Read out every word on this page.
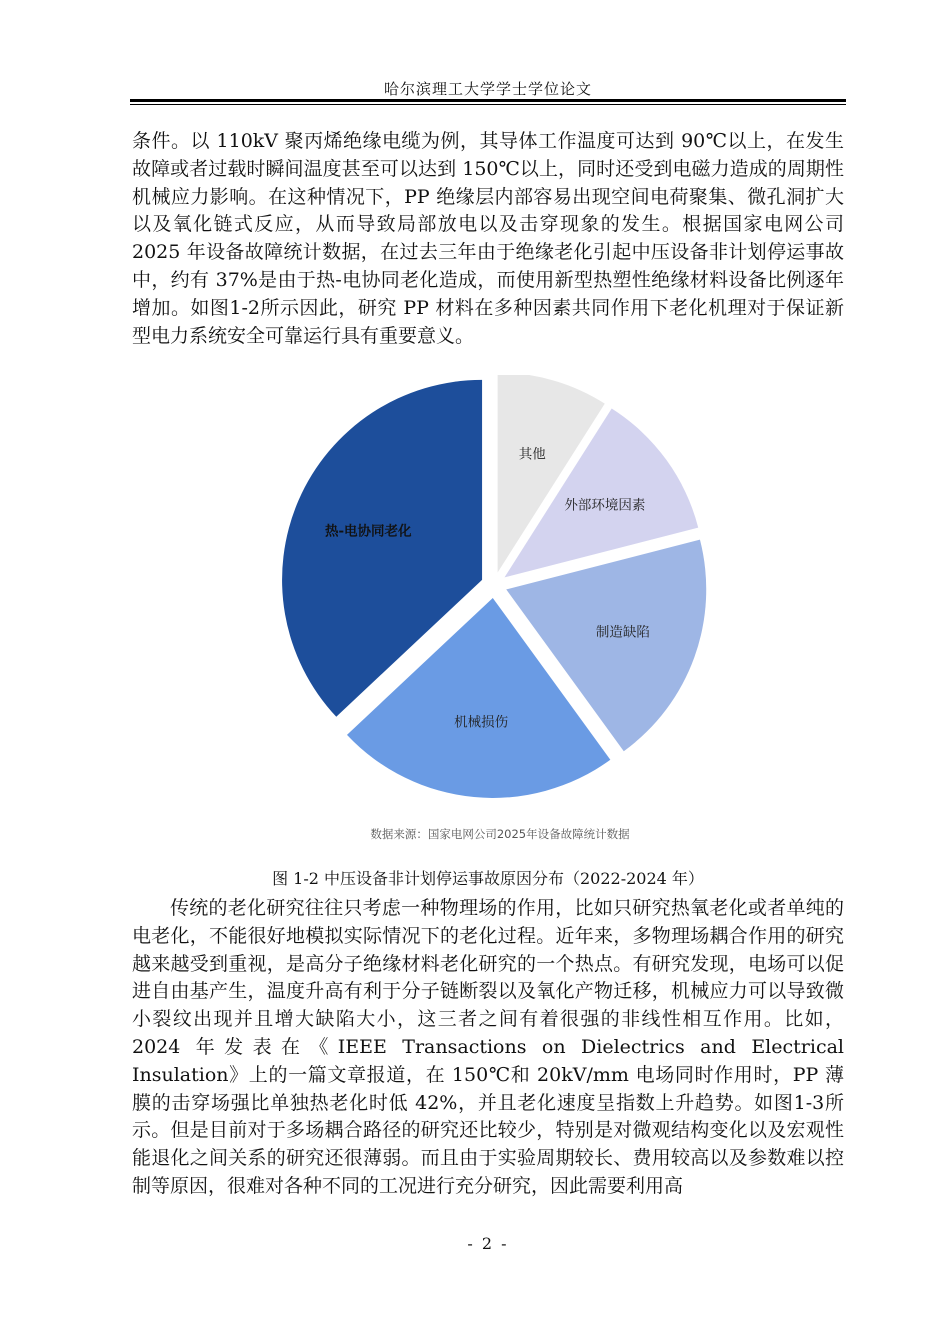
哈尔滨理工大学学士学位论文

条件。以 110kV 聚丙烯绝缘电缆为例，其导体工作温度可达到 90℃以上，在发生故障或者过载时瞬间温度甚至可以达到 150℃以上，同时还受到电磁力造成的周期性机械应力影响。在这种情况下，PP 绝缘层内部容易出现空间电荷聚集、微孔洞扩大以及氧化链式反应，从而导致局部放电以及击穿现象的发生。根据国家电网公司 2025 年设备故障统计数据，在过去三年由于绝缘老化引起中压设备非计划停运事故中，约有 37%是由于热-电协同老化造成，而使用新型热塑性绝缘材料设备比例逐年增加。如图1-2所示因此，研究 PP 材料在多种因素共同作用下老化机理对于保证新型电力系统安全可靠运行具有重要意义。

其他
外部环境因素
制造缺陷
机械损伤
热-电协同老化
数据来源：国家电网公司2025年设备故障统计数据
图 1-2 中压设备非计划停运事故原因分布（2022-2024 年）

传统的老化研究往往只考虑一种物理场的作用，比如只研究热氧老化或者单纯的电老化，不能很好地模拟实际情况下的老化过程。近年来，多物理场耦合作用的研究越来越受到重视，是高分子绝缘材料老化研究的一个热点。有研究发现，电场可以促进自由基产生，温度升高有利于分子链断裂以及氧化产物迁移，机械应力可以导致微小裂纹出现并且增大缺陷大小，这三者之间有着很强的非线性相互作用。比如，2024 年发表在《IEEE Transactions on Dielectrics and Electrical Insulation》上的一篇文章报道，在 150℃和 20kV/mm 电场同时作用时，PP 薄膜的击穿场强比单独热老化时低 42%，并且老化速度呈指数上升趋势。如图1-3所示。但是目前对于多场耦合路径的研究还比较少，特别是对微观结构变化以及宏观性能退化之间关系的研究还很薄弱。而且由于实验周期较长、费用较高以及参数难以控制等原因，很难对各种不同的工况进行充分研究，因此需要利用高

- 2 -
